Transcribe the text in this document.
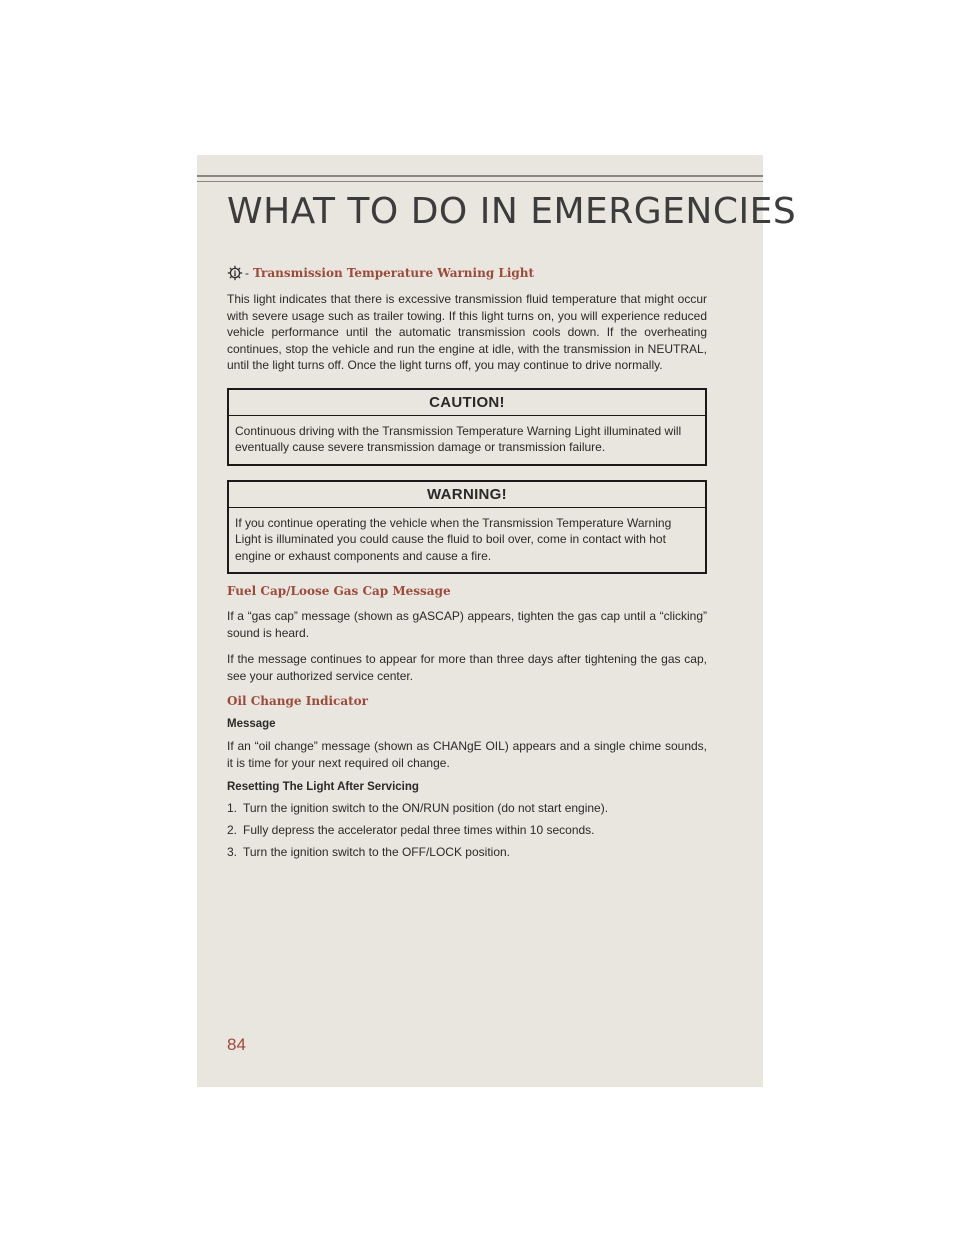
WHAT TO DO IN EMERGENCIES
- Transmission Temperature Warning Light

This light indicates that there is excessive transmission fluid temperature that might occur with severe usage such as trailer towing. If this light turns on, you will experience reduced vehicle performance until the automatic transmission cools down. If the overheating continues, stop the vehicle and run the engine at idle, with the transmission in NEUTRAL, until the light turns off. Once the light turns off, you may continue to drive normally.

CAUTION!
Continuous driving with the Transmission Temperature Warning Light illuminated will eventually cause severe transmission damage or transmission failure.
WARNING!
If you continue operating the vehicle when the Transmission Temperature Warning Light is illuminated you could cause the fluid to boil over, come in contact with hot engine or exhaust components and cause a fire.
Fuel Cap/Loose Gas Cap Message

If a “gas cap” message (shown as gASCAP) appears, tighten the gas cap until a “clicking” sound is heard.

If the message continues to appear for more than three days after tightening the gas cap, see your authorized service center.

Oil Change Indicator
Message

If an “oil change” message (shown as CHANgE OIL) appears and a single chime sounds, it is time for your next required oil change.

Resetting The Light After Servicing
1. Turn the ignition switch to the ON/RUN position (do not start engine).
2. Fully depress the accelerator pedal three times within 10 seconds.
3. Turn the ignition switch to the OFF/LOCK position.
84
